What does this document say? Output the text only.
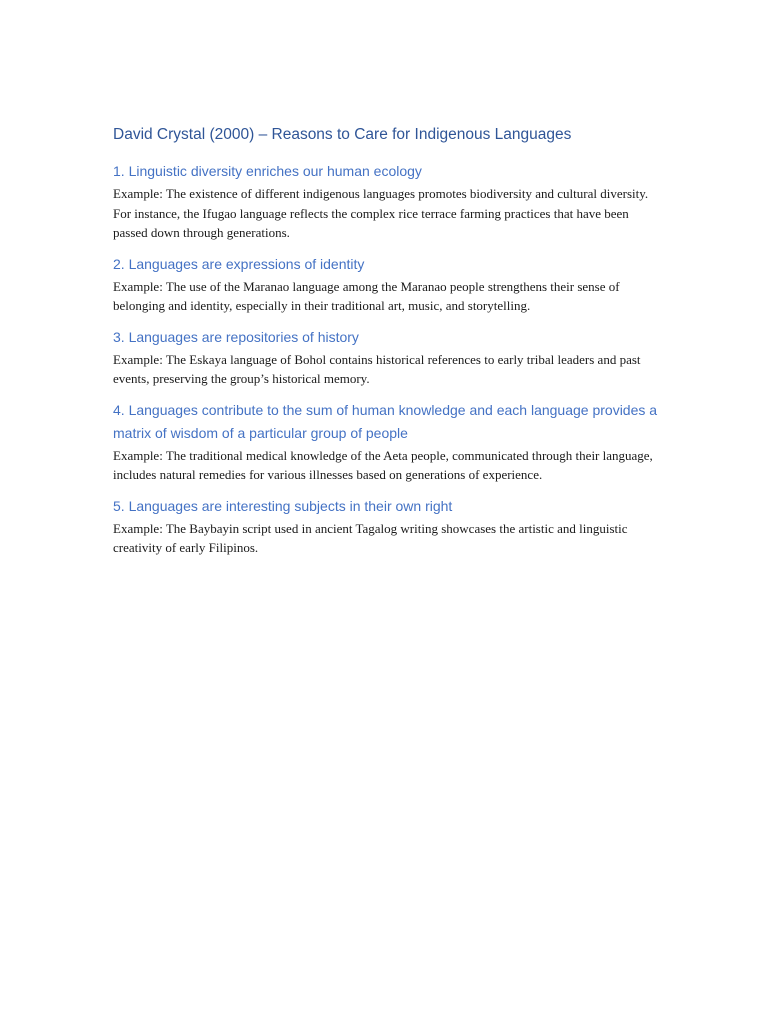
David Crystal (2000) – Reasons to Care for Indigenous Languages
1. Linguistic diversity enriches our human ecology

Example: The existence of different indigenous languages promotes biodiversity and cultural diversity. For instance, the Ifugao language reflects the complex rice terrace farming practices that have been passed down through generations.

2. Languages are expressions of identity

Example: The use of the Maranao language among the Maranao people strengthens their sense of belonging and identity, especially in their traditional art, music, and storytelling.

3. Languages are repositories of history

Example: The Eskaya language of Bohol contains historical references to early tribal leaders and past events, preserving the group’s historical memory.

4. Languages contribute to the sum of human knowledge and each language provides a matrix of wisdom of a particular group of people

Example: The traditional medical knowledge of the Aeta people, communicated through their language, includes natural remedies for various illnesses based on generations of experience.

5. Languages are interesting subjects in their own right

Example: The Baybayin script used in ancient Tagalog writing showcases the artistic and linguistic creativity of early Filipinos.
